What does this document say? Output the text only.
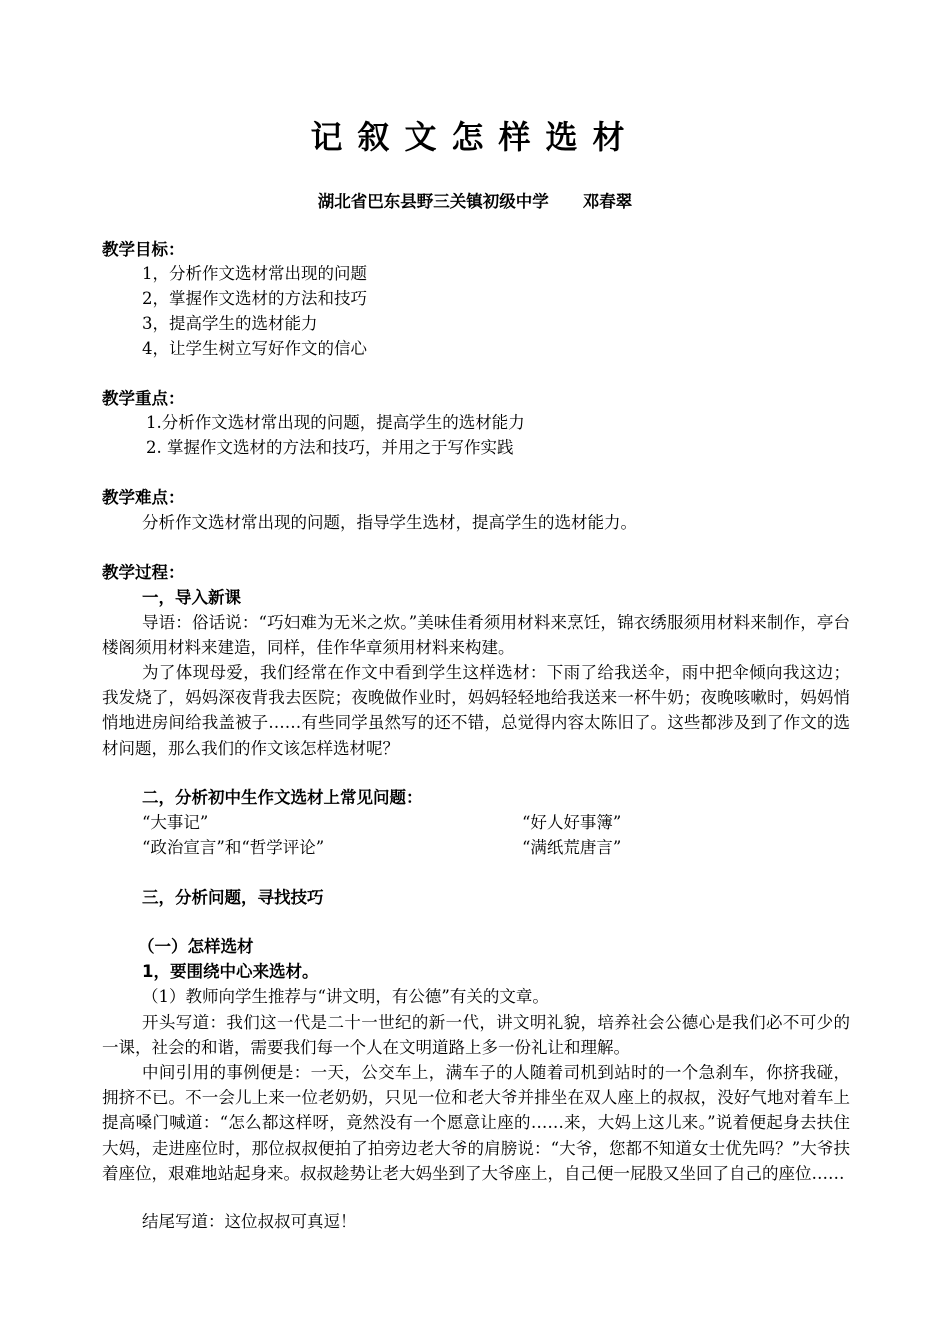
记叙文怎样选材
湖北省巴东县野三关镇初级中学 邓春翠
教学目标：
1，分析作文选材常出现的问题
2，掌握作文选材的方法和技巧
3，提高学生的选材能力
4，让学生树立写好作文的信心
教学重点：
1.分析作文选材常出现的问题，提高学生的选材能力
2. 掌握作文选材的方法和技巧，并用之于写作实践
教学难点：
分析作文选材常出现的问题，指导学生选材，提高学生的选材能力。
教学过程：
一，导入新课
导语：俗话说：“巧妇难为无米之炊。”美味佳肴须用材料来烹饪，锦衣绣服须用材料来制作，亭台楼阁须用材料来建造，同样，佳作华章须用材料来构建。
为了体现母爱，我们经常在作文中看到学生这样选材：下雨了给我送伞，雨中把伞倾向我这边；我发烧了，妈妈深夜背我去医院；夜晚做作业时，妈妈轻轻地给我送来一杯牛奶；夜晚咳嗽时，妈妈悄悄地进房间给我盖被子……有些同学虽然写的还不错，总觉得内容太陈旧了。这些都涉及到了作文的选材问题，那么我们的作文该怎样选材呢？
二，分析初中生作文选材上常见问题：
“大事记”	“好人好事簿”
“政治宣言”和“哲学评论”	“满纸荒唐言”
三，分析问题，寻找技巧
（一）怎样选材
1，要围绕中心来选材。
（1）教师向学生推荐与“讲文明，有公德”有关的文章。
开头写道：我们这一代是二十一世纪的新一代，讲文明礼貌，培养社会公德心是我们必不可少的一课，社会的和谐，需要我们每一个人在文明道路上多一份礼让和理解。
中间引用的事例便是：一天，公交车上，满车子的人随着司机到站时的一个急刹车，你挤我碰，拥挤不已。不一会儿上来一位老奶奶，只见一位和老大爷并排坐在双人座上的叔叔，没好气地对着车上提高嗓门喊道：“怎么都这样呀，竟然没有一个愿意让座的……来，大妈上这儿来。”说着便起身去扶住大妈，走进座位时，那位叔叔便拍了拍旁边老大爷的肩膀说：“大爷，您都不知道女士优先吗？”大爷扶着座位，艰难地站起身来。叔叔趁势让老大妈坐到了大爷座上，自己便一屁股又坐回了自己的座位……
结尾写道：这位叔叔可真逗！
